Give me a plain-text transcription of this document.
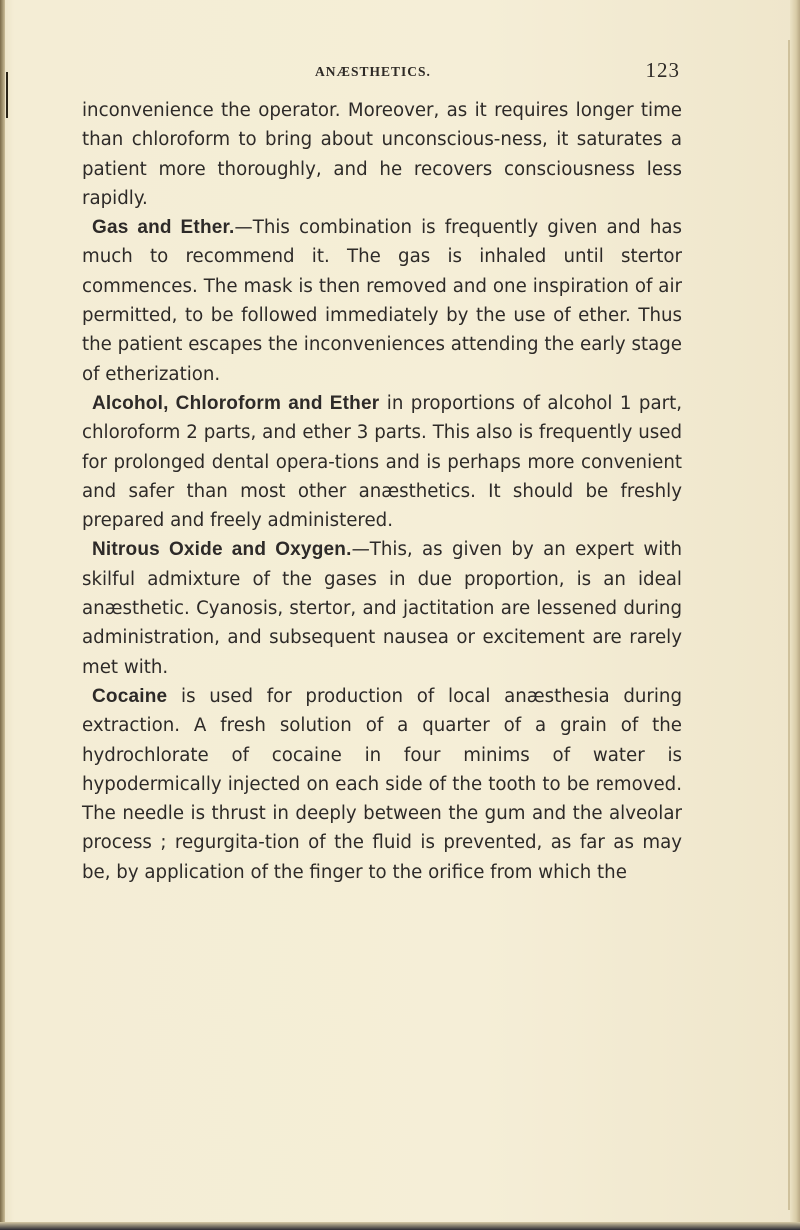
ANÆSTHETICS.	123

inconvenience the operator. Moreover, as it requires longer time than chloroform to bring about unconscious-ness, it saturates a patient more thoroughly, and he recovers consciousness less rapidly.

Gas and Ether.—This combination is frequently given and has much to recommend it. The gas is inhaled until stertor commences. The mask is then removed and one inspiration of air permitted, to be followed immediately by the use of ether. Thus the patient escapes the inconveniences attending the early stage of etherization.

Alcohol, Chloroform and Ether in proportions of alcohol 1 part, chloroform 2 parts, and ether 3 parts. This also is frequently used for prolonged dental opera-tions and is perhaps more convenient and safer than most other anæsthetics. It should be freshly prepared and freely administered.

Nitrous Oxide and Oxygen.—This, as given by an expert with skilful admixture of the gases in due proportion, is an ideal anæsthetic. Cyanosis, stertor, and jactitation are lessened during administration, and subsequent nausea or excitement are rarely met with.

Cocaine is used for production of local anæsthesia during extraction. A fresh solution of a quarter of a grain of the hydrochlorate of cocaine in four minims of water is hypodermically injected on each side of the tooth to be removed. The needle is thrust in deeply between the gum and the alveolar process ; regurgita-tion of the fluid is prevented, as far as may be, by application of the finger to the orifice from which the
